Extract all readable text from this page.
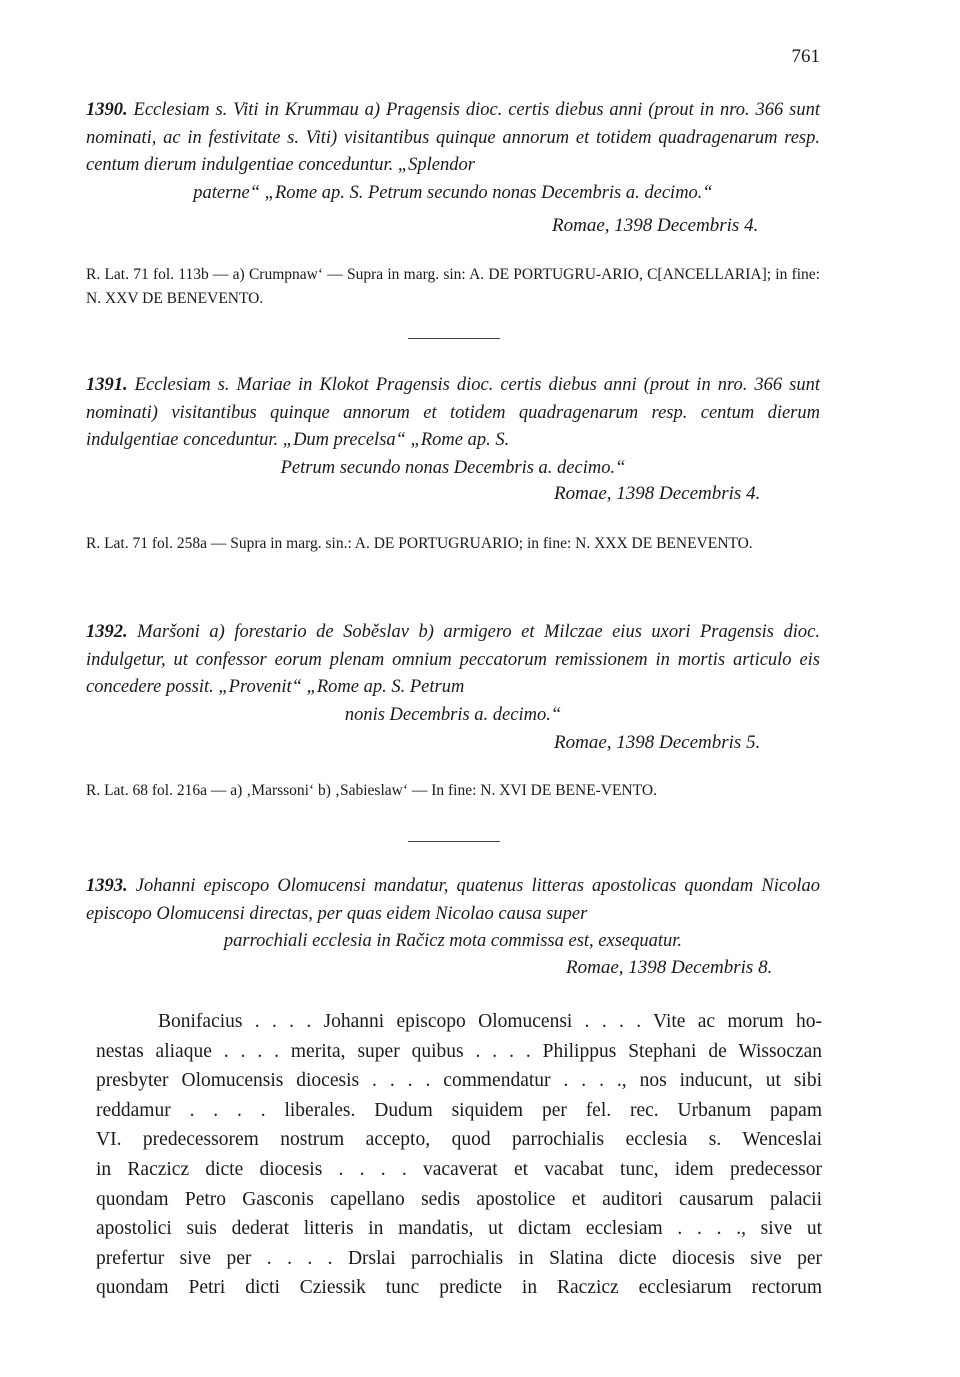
761
1390. Ecclesiam s. Viti in Krummau a) Pragensis dioc. certis diebus anni (prout in nro. 366 sunt nominati, ac in festivitate s. Viti) visitantibus quinque annorum et totidem quadragenarum resp. centum dierum indulgentiae conceduntur. „Splendor
paterne“ „Rome ap. S. Petrum secundo nonas Decembris a. decimo.“
Romae, 1398 Decembris 4.
R. Lat. 71 fol. 113b — a) Crumpnaw‘ — Supra in marg. sin: A. DE PORTUGRU-ARIO, C[ANCELLARIA]; in fine: N. XXV DE BENEVENTO.
1391. Ecclesiam s. Mariae in Klokot Pragensis dioc. certis diebus anni (prout in nro. 366 sunt nominati) visitantibus quinque annorum et totidem quadragenarum resp. centum dierum indulgentiae conceduntur. „Dum precelsa“ „Rome ap. S.
Petrum secundo nonas Decembris a. decimo.“
Romae, 1398 Decembris 4.
R. Lat. 71 fol. 258a — Supra in marg. sin.: A. DE PORTUGRUARIO; in fine: N. XXX DE BENEVENTO.
1392. Maršoni a) forestario de Soběslav b) armigero et Milczae eius uxori Pragensis dioc. indulgetur, ut confessor eorum plenam omnium peccatorum remissionem in mortis articulo eis concedere possit. „Provenit“ „Rome ap. S. Petrum
nonis Decembris a. decimo.“
Romae, 1398 Decembris 5.
R. Lat. 68 fol. 216a — a) ‚Marssoni‘ b) ‚Sabieslaw‘ — In fine: N. XVI DE BENE-VENTO.
1393. Johanni episcopo Olomucensi mandatur, quatenus litteras apostolicas quondam Nicolao episcopo Olomucensi directas, per quas eidem Nicolao causa super
parrochiali ecclesia in Račicz mota commissa est, exsequatur.
Romae, 1398 Decembris 8.
Bonifacius . . . . Johanni episcopo Olomucensi . . . . Vite ac morum ho-
nestas aliaque . . . . merita, super quibus . . . . Philippus Stephani de Wissoczan
presbyter Olomucensis diocesis . . . . commendatur . . . ., nos inducunt, ut sibi
reddamur . . . . liberales. Dudum siquidem per fel. rec. Urbanum papam
VI. predecessorem nostrum accepto, quod parrochialis ecclesia s. Wenceslai
in Raczicz dicte diocesis . . . . vacaverat et vacabat tunc, idem predecessor
quondam Petro Gasconis capellano sedis apostolice et auditori causarum palacii
apostolici suis dederat litteris in mandatis, ut dictam ecclesiam . . . ., sive ut
prefertur sive per . . . . Drslai parrochialis in Slatina dicte diocesis sive per
quondam Petri dicti Cziessik tunc predicte in Raczicz ecclesiarum rectorum
